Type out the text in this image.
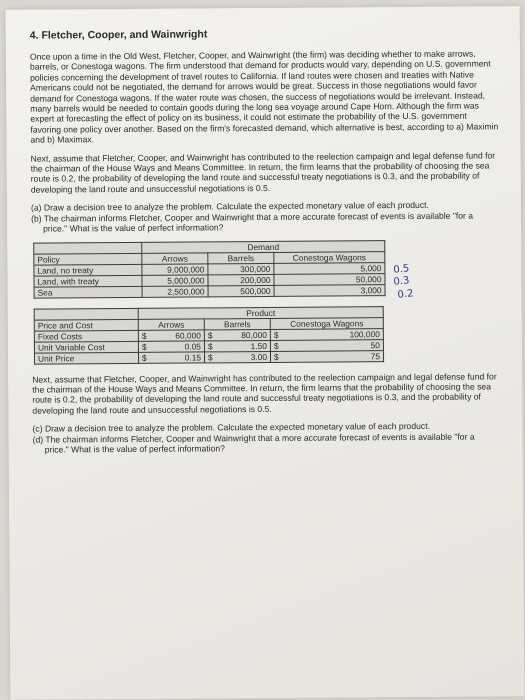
4. Fletcher, Cooper, and Wainwright

Once upon a time in the Old West, Fletcher, Cooper, and Wainwright (the firm) was deciding whether to make arrows, barrels, or Conestoga wagons. The firm understood that demand for products would vary, depending on U.S. government policies concerning the development of travel routes to California. If land routes were chosen and treaties with Native Americans could not be negotiated, the demand for arrows would be great. Success in those negotiations would favor demand for Conestoga wagons. If the water route was chosen, the success of negotiations would be irrelevant. Instead, many barrels would be needed to contain goods during the long sea voyage around Cape Horn. Although the firm was expert at forecasting the effect of policy on its business, it could not estimate the probability of the U.S. government favoring one policy over another. Based on the firm's forecasted demand, which alternative is best, according to a) Maximin and b) Maximax.

Next, assume that Fletcher, Cooper, and Wainwright has contributed to the reelection campaign and legal defense fund for the chairman of the House Ways and Means Committee. In return, the firm learns that the probability of choosing the sea route is 0.2, the probability of developing the land route and successful treaty negotiations is 0.3, and the probability of developing the land route and unsuccessful negotiations is 0.5.

(a) Draw a decision tree to analyze the problem. Calculate the expected monetary value of each product.
(b) The chairman informs Fletcher, Cooper and Wainwright that a more accurate forecast of events is available "for a price." What is the value of perfect information?
	Demand		
Policy	Arrows	Barrels	Conestoga Wagons
Land, no treaty	9,000,000	300,000	5,000
Land, with treaty	5,000,000	200,000	50,000
Sea	2,500,000	500,000	3,000
0.5
0.3
0.2
	Product					
Price and Cost	Arrows		Barrels		Conestoga Wagons	
Fixed Costs	$	60,000	$	80,000	$	100,000
Unit Variable Cost	$	0.05	$	1.50	$	50
Unit Price	$	0.15	$	3.00	$	75

Next, assume that Fletcher, Cooper, and Wainwright has contributed to the reelection campaign and legal defense fund for the chairman of the House Ways and Means Committee. In return, the firm learns that the probability of choosing the sea route is 0.2, the probability of developing the land route and successful treaty negotiations is 0.3, and the probability of developing the land route and unsuccessful negotiations is 0.5.

(c) Draw a decision tree to analyze the problem. Calculate the expected monetary value of each product.
(d) The chairman informs Fletcher, Cooper and Wainwright that a more accurate forecast of events is available "for a price." What is the value of perfect information?
